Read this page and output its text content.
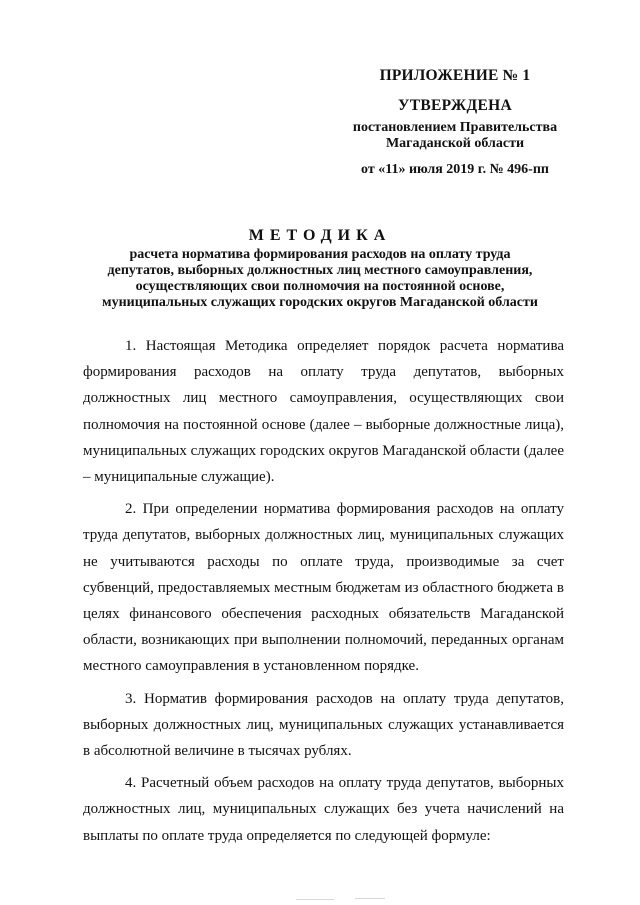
ПРИЛОЖЕНИЕ № 1
УТВЕРЖДЕНА
постановлением Правительства
Магаданской области
от «11» июля 2019 г. № 496-пп
МЕТОДИКА
расчета норматива формирования расходов на оплату труда
депутатов, выборных должностных лиц местного самоуправления,
осуществляющих свои полномочия на постоянной основе,
муниципальных служащих городских округов Магаданской области

1. Настоящая Методика определяет порядок расчета норматива формирования расходов на оплату труда депутатов, выборных должностных лиц местного самоуправления, осуществляющих свои полномочия на постоянной основе (далее – выборные должностные лица), муниципальных служащих городских округов Магаданской области (далее – муниципальные служащие).

2. При определении норматива формирования расходов на оплату труда депутатов, выборных должностных лиц, муниципальных служащих не учитываются расходы по оплате труда, производимые за счет субвенций, предоставляемых местным бюджетам из областного бюджета в целях финансового обеспечения расходных обязательств Магаданской области, возникающих при выполнении полномочий, переданных органам местного самоуправления в установленном порядке.

3. Норматив формирования расходов на оплату труда депутатов, выборных должностных лиц, муниципальных служащих устанавливается в абсолютной величине в тысячах рублях.

4. Расчетный объем расходов на оплату труда депутатов, выборных должностных лиц, муниципальных служащих без учета начислений на выплаты по оплате труда определяется по следующей формуле:
